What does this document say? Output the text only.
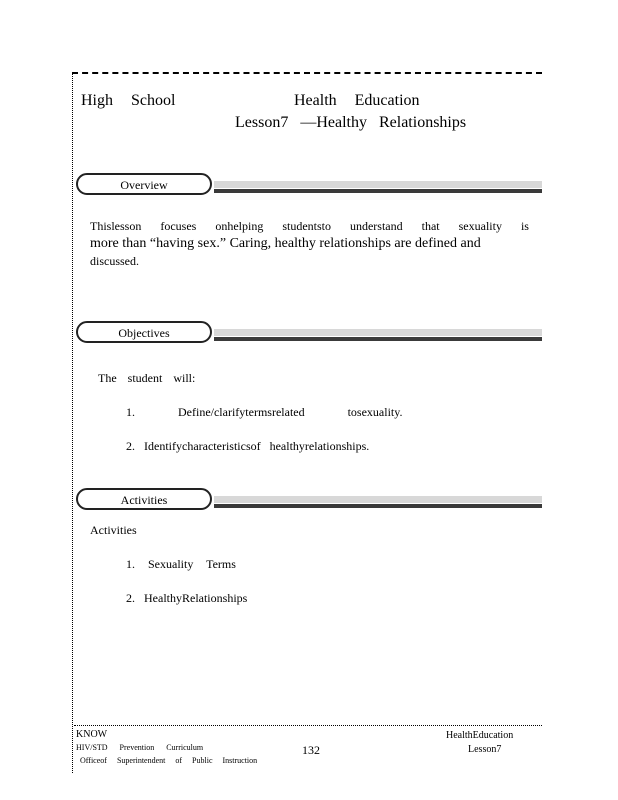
High School	Health Education
Lesson7 —Healthy Relationships
Overview
Thislesson focuses onhelping studentsto understand that sexuality is
more than “having sex.” Caring, healthy relationships are defined and
discussed.
Objectives
The student will:
1. Define/clarifytermsrelated tosexuality.
2. Identifycharacteristicsof healthyrelationships.
Activities
Activities
1. Sexuality Terms
2. HealthyRelationships
KNOW
HIV/STD Prevention Curriculum
Officeof Superintendent of Public Instruction
132
HealthEducation
Lesson7
